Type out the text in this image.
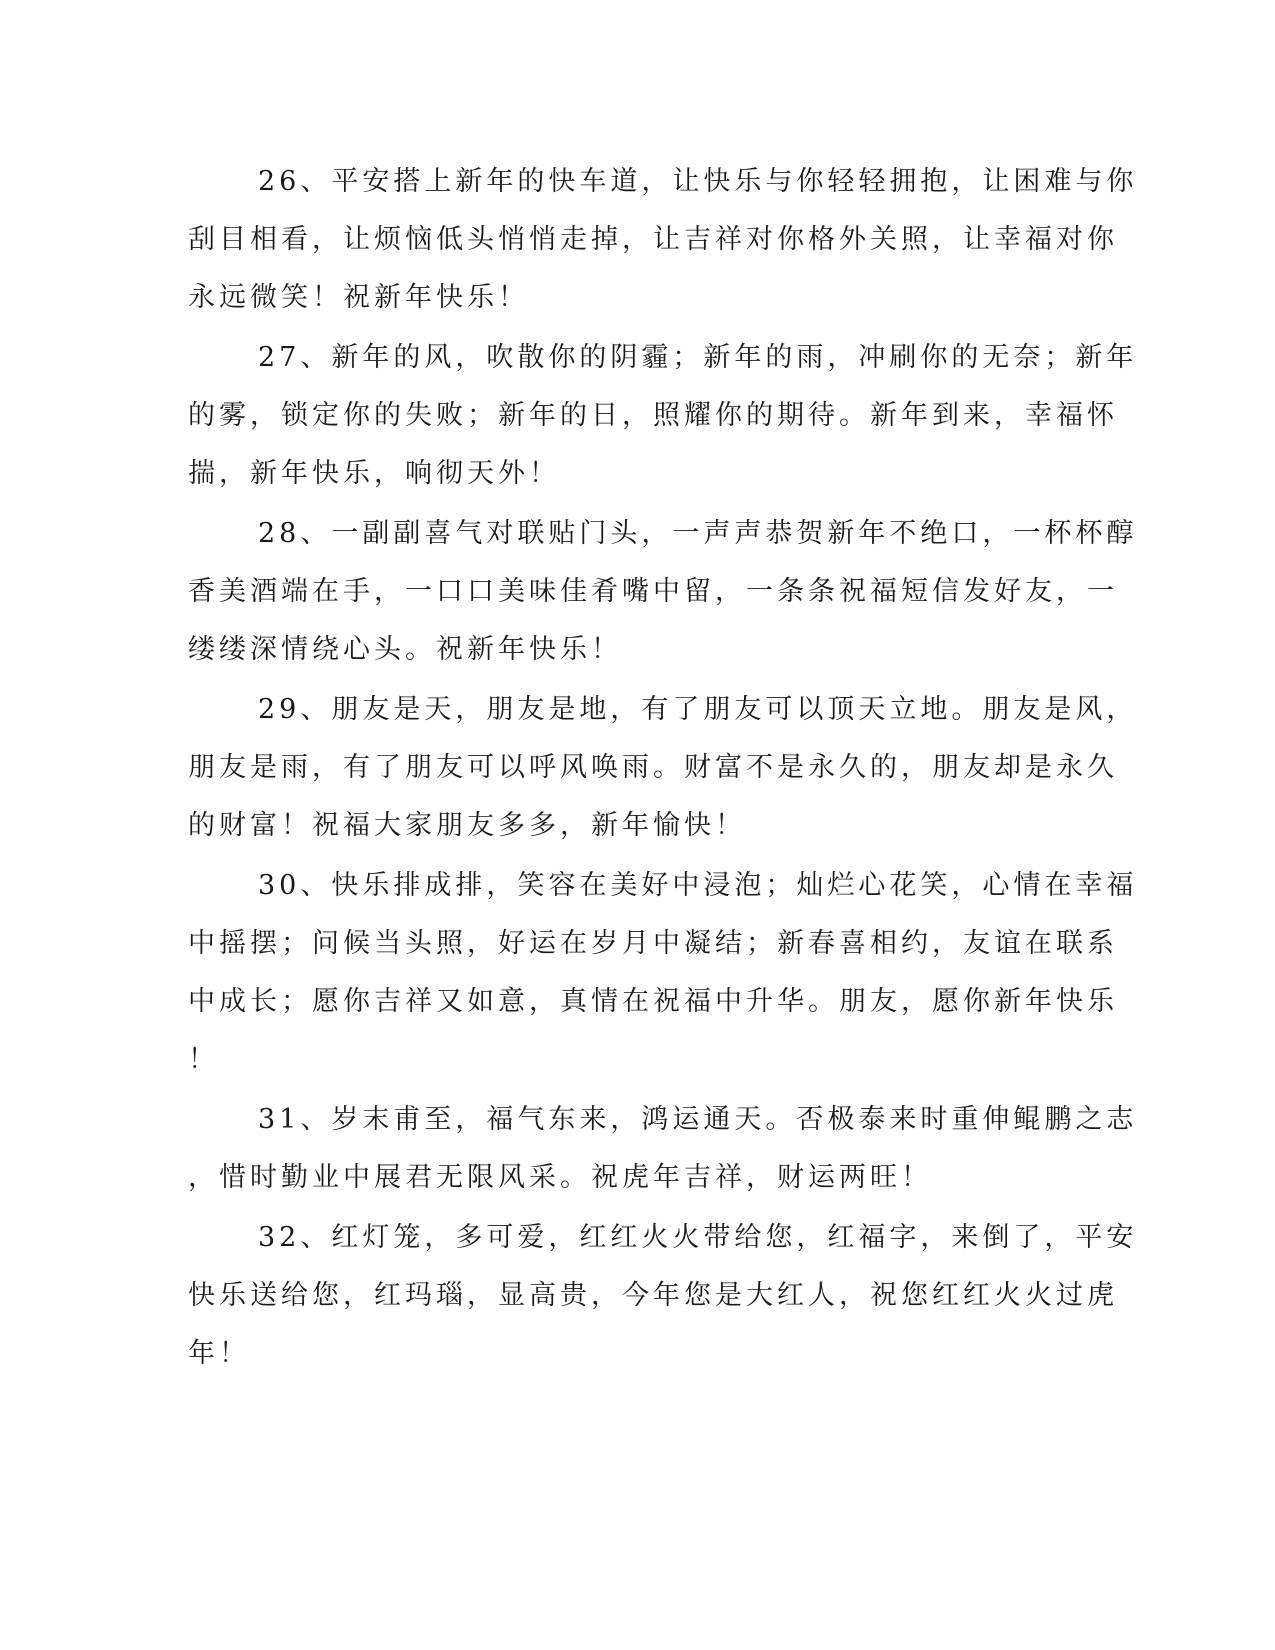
26、平安搭上新年的快车道，让快乐与你轻轻拥抱，让困难与你

刮目相看，让烦恼低头悄悄走掉，让吉祥对你格外关照，让幸福对你

永远微笑！祝新年快乐！

27、新年的风，吹散你的阴霾；新年的雨，冲刷你的无奈；新年

的雾，锁定你的失败；新年的日，照耀你的期待。新年到来，幸福怀

揣，新年快乐，响彻天外！

28、一副副喜气对联贴门头，一声声恭贺新年不绝口，一杯杯醇

香美酒端在手，一口口美味佳肴嘴中留，一条条祝福短信发好友，一

缕缕深情绕心头。祝新年快乐！

29、朋友是天，朋友是地，有了朋友可以顶天立地。朋友是风，

朋友是雨，有了朋友可以呼风唤雨。财富不是永久的，朋友却是永久

的财富！祝福大家朋友多多，新年愉快！

30、快乐排成排，笑容在美好中浸泡；灿烂心花笑，心情在幸福

中摇摆；问候当头照，好运在岁月中凝结；新春喜相约，友谊在联系

中成长；愿你吉祥又如意，真情在祝福中升华。朋友，愿你新年快乐

！

31、岁末甫至，福气东来，鸿运通天。否极泰来时重伸鲲鹏之志

，惜时勤业中展君无限风采。祝虎年吉祥，财运两旺！

32、红灯笼，多可爱，红红火火带给您，红福字，来倒了，平安

快乐送给您，红玛瑙，显高贵，今年您是大红人，祝您红红火火过虎

年！
